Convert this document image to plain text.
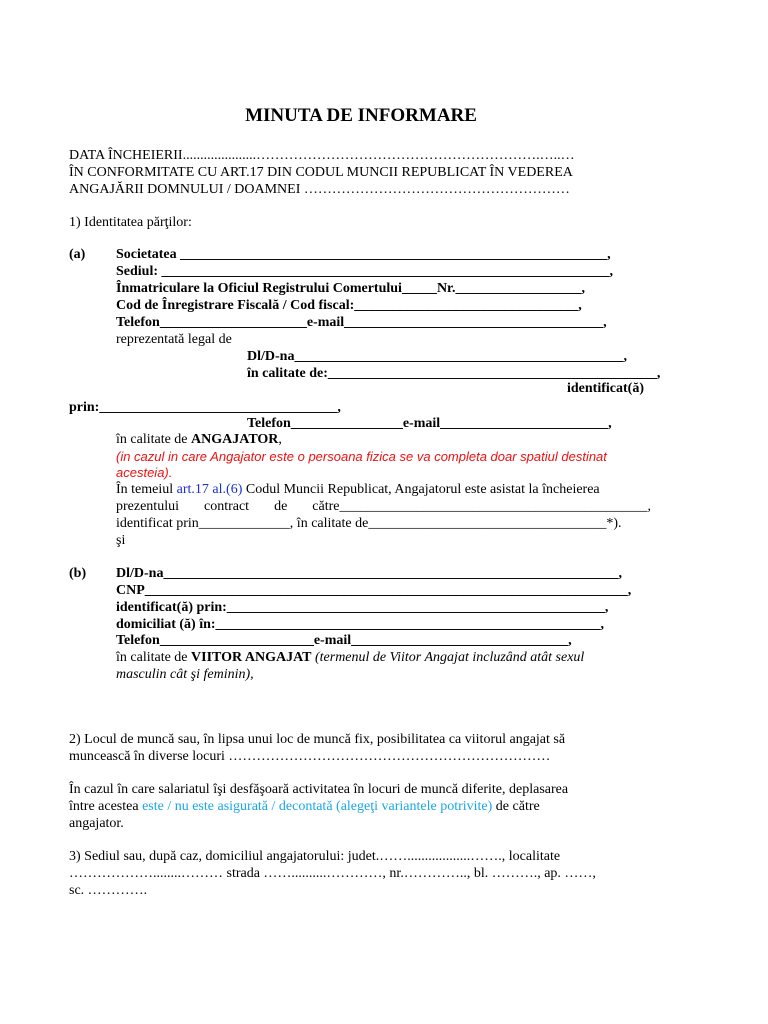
MINUTA DE INFORMARE
DATA ÎNCHEIERII.....................…………………………………………………….…..…
ÎN CONFORMITATE CU ART.17 DIN CODUL MUNCII REPUBLICAT ÎN VEDEREA
ANGAJĂRII DOMNULUI / DOAMNEI …………………………………………………
1) Identitatea părţilor:
(a) Societatea _____________________________________________________________,
Sediul: ________________________________________________________________,
Înmatriculare la Oficiul Registrului Comertului_____Nr.__________________,
Cod de Înregistrare Fiscală / Cod fiscal:________________________________,
Telefon_____________________e-mail_____________________________________,
reprezentată legal de
Dl/D-na_______________________________________________,
în calitate de:_______________________________________________,
identificat(ă)
prin:__________________________________,
Telefon________________e-mail________________________,
în calitate de ANGAJATOR,
(in cazul in care Angajator este o persoana fizica se va completa doar spatiul destinat
acesteia).
În temeiul art.17 al.(6) Codul Muncii Republicat, Angajatorul este asistat la încheierea
prezentului contract de către____________________________________________,
identificat prin_____________, în calitate de__________________________________*).
şi
(b) Dl/D-na_________________________________________________________________,
CNP_____________________________________________________________________,
identificat(ă) prin:______________________________________________________,
domiciliat (ă) în:_______________________________________________________,
Telefon______________________e-mail_______________________________,
în calitate de VIITOR ANGAJAT (termenul de Viitor Angajat incluzând atât sexul
masculin cât şi feminin),
2) Locul de muncă sau, în lipsa unui loc de muncă fix, posibilitatea ca viitorul angajat să
muncească în diverse locuri ……………………………………………………………
În cazul în care salariatul îşi desfăşoară activitatea în locuri de muncă diferite, deplasarea
între acestea este / nu este asigurată / decontată (alegeţi variantele potrivite) de către
angajator.
3) Sediul sau, după caz, domiciliul angajatorului: judet.……..................……., localitate
………………........……… strada ……..........…………, nr.………….., bl. ………., ap. ……,
sc. ………….
